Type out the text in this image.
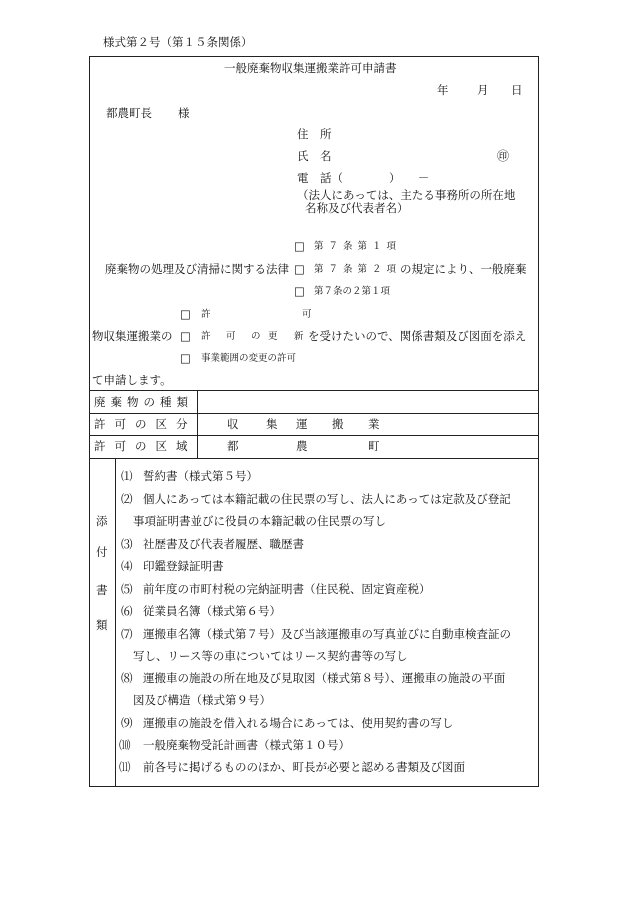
様式第２号（第１５条関係）
一般廃棄物収集運搬業許可申請書
年 月 日
都農町長 様
住　所
氏　名	㊞
電　話（　　　　）　　－
（法人にあっては、主たる事務所の所在地
名称及び代表者名）
□ 第７条第１項
廃棄物の処理及び清掃に関する法律 □ 第７条第２項
の規定により、一般廃棄
□ 第７条の２第１項
□ 許	可
物収集運搬業の □ 許 可 の 更 新 を受けたいので、関係書類及び図面を添え
□ 事業範囲の変更の許可
て申請します。
廃棄物の種類
許可の区分	収 集 運 搬 業
許可の区域	都	農	町
添
付
書
類
⑴ 誓約書（様式第５号）
⑵ 個人にあっては本籍記載の住民票の写し、法人にあっては定款及び登記
事項証明書並びに役員の本籍記載の住民票の写し
⑶ 社歴書及び代表者履歴、職歴書
⑷ 印鑑登録証明書
⑸ 前年度の市町村税の完納証明書（住民税、固定資産税）
⑹ 従業員名簿（様式第６号）
⑺ 運搬車名簿（様式第７号）及び当該運搬車の写真並びに自動車検査証の
写し、リース等の車についてはリース契約書等の写し
⑻ 運搬車の施設の所在地及び見取図（様式第８号）、運搬車の施設の平面
図及び構造（様式第９号）
⑼ 運搬車の施設を借入れる場合にあっては、使用契約書の写し
⑽ 一般廃棄物受託計画書（様式第１０号）
⑾ 前各号に掲げるもののほか、町長が必要と認める書類及び図面
